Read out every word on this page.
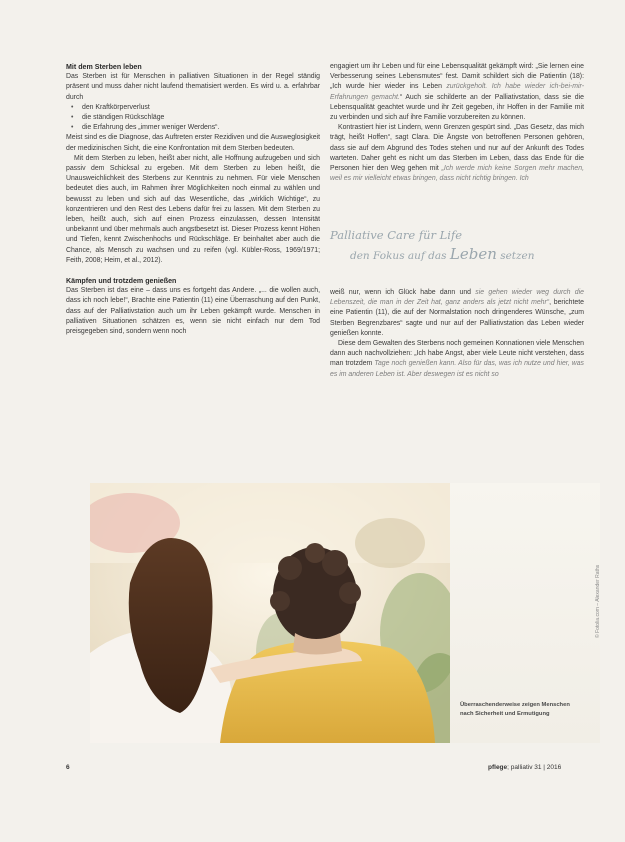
Mit dem Sterben leben

Das Sterben ist für Menschen in palliativen Situationen in der Regel ständig präsent und muss daher nicht laufend thematisiert werden. Es wird u. a. erfahrbar durch

• den Kraftkörperverlust
• die ständigen Rückschläge
• die Erfahrung des „immer weniger Werdens“.

Meist sind es die Diagnose, das Auftreten erster Rezidiven und die Ausweglosigkeit der medizinischen Sicht, die eine Konfrontation mit dem Sterben bedeuten.

Mit dem Sterben zu leben, heißt aber nicht, alle Hoffnung aufzugeben und sich passiv dem Schicksal zu ergeben. Mit dem Sterben zu leben heißt, die Unausweichlichkeit des Sterbens zur Kenntnis zu nehmen. Für viele Menschen bedeutet dies auch, im Rahmen ihrer Möglichkeiten noch einmal zu wählen und bewusst zu leben und sich auf das Wesentliche, das „wirklich Wichtige“, zu konzentrieren und den Rest des Lebens dafür frei zu lassen. Mit dem Sterben zu leben, heißt auch, sich auf einen Prozess einzulassen, dessen Intensität unbekannt und über mehrmals auch angstbesetzt ist. Dieser Prozess kennt Höhen und Tiefen, kennt Zwischenhochs und Rückschläge. Er beinhaltet aber auch die Chance, als Mensch zu wachsen und zu reifen (vgl. Kübler-Ross, 1969/1971; Feith, 2008; Heim, et al., 2012).

Kämpfen und trotzdem genießen

Das Sterben ist das eine – dass uns es fortgeht das Andere. „... die wollen auch, dass ich noch lebe!“, Brachte eine Patientin (11) eine Überraschung auf den Punkt, dass auf der Palliativstation auch um ihr Leben gekämpft wurde. Menschen in palliativen Situationen schätzen es, wenn sie nicht einfach nur dem Tod preisgegeben sind, sondern wenn noch

engagiert um ihr Leben und für eine Lebensqualität gekämpft wird: „Sie lernen eine Verbesserung seines Lebensmutes“ fest. Damit schildert sich die Patientin (18): „Ich wurde hier wieder ins Leben zurückgeholt. Ich habe wieder ich-bei-mir-Erfahrungen gemacht.“ Auch sie schilderte an der Palliativstation, dass sie die Lebensqualität geachtet wurde und ihr Zeit gegeben, ihr Hoffen in der Familie mit zu verbinden und sich auf ihre Familie vorzubereiten zu können.

Kontrastiert hier ist Lindern, wenn Grenzen gespürt sind. „Das Gesetz, das mich trägt, heißt Hoffen“, sagt Clara. Die Ängste von betroffenen Personen gehören, dass sie auf dem Abgrund des Todes stehen und nur auf der Ankunft des Todes warteten. Daher geht es nicht um das Sterben im Leben, dass das Ende für die Personen hier den Weg gehen mit „Ich werde mich keine Sorgen mehr machen, weil es mir vielleicht etwas bringen, dass nicht richtig bringen. Ich

Palliative Care für Life
den Fokus auf das Leben setzen

weiß nur, wenn ich Glück habe dann und sie gehen wieder weg durch die Lebenszeit, die man in der Zeit hat, ganz anders als jetzt nicht mehr“, berichtete eine Patientin (11), die auf der Normalstation noch dringenderes Wünsche, „zum Sterben Begrenzbares“ sagte und nur auf der Palliativstation das Leben wieder genießen konnte.

Diese dem Gewalten des Sterbens noch gemeinen Konnationen viele Menschen dann auch nachvollziehen: „Ich habe Angst, aber viele Leute nicht verstehen, dass man trotzdem Tage noch genießen kann. Also für das, was ich nutze und hier, was es im anderen Leben ist. Aber deswegen ist es nicht so

Überraschenderweise zeigen Menschen nach Sicherheit und Ermutigung
© Fotolia.com – Alexander Raths
6	pflege; palliativ 31 | 2016
